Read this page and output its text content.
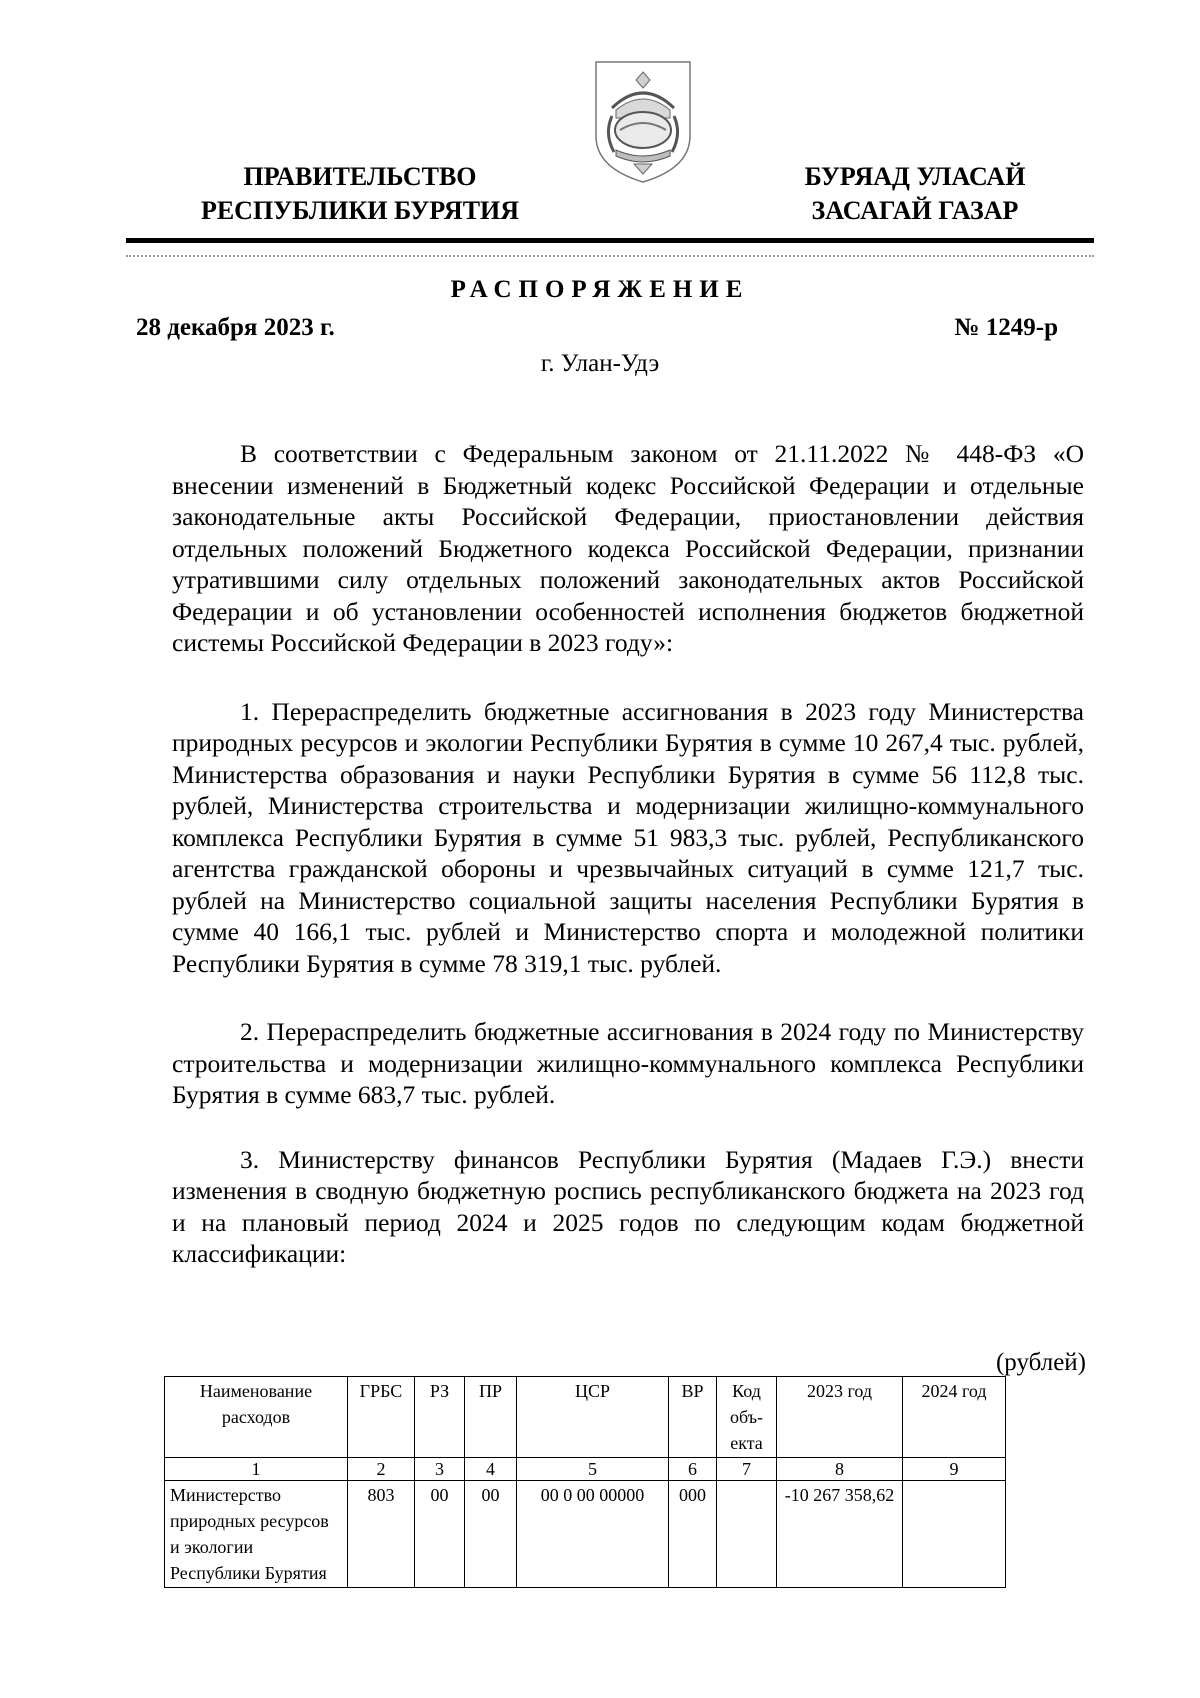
ПРАВИТЕЛЬСТВО
РЕСПУБЛИКИ БУРЯТИЯ
БУРЯАД УЛАСАЙ
ЗАСАГАЙ ГАЗАР
РАСПОРЯЖЕНИЕ
28 декабря 2023 г.	№ 1249-р
г. Улан-Удэ

В соответствии с Федеральным законом от 21.11.2022 № 448-ФЗ «О внесении изменений в Бюджетный кодекс Российской Федерации и отдельные законодательные акты Российской Федерации, приостановлении действия отдельных положений Бюджетного кодекса Российской Федерации, признании утратившими силу отдельных положений законодательных актов Российской Федерации и об установлении особенностей исполнения бюджетов бюджетной системы Российской Федерации в 2023 году»:

1. Перераспределить бюджетные ассигнования в 2023 году Министерства природных ресурсов и экологии Республики Бурятия в сумме 10 267,4 тыс. рублей, Министерства образования и науки Республики Бурятия в сумме 56 112,8 тыс. рублей, Министерства строительства и модернизации жилищно-коммунального комплекса Республики Бурятия в сумме 51 983,3 тыс. рублей, Республиканского агентства гражданской обороны и чрезвычайных ситуаций в сумме 121,7 тыс. рублей на Министерство социальной защиты населения Республики Бурятия в сумме 40 166,1 тыс. рублей и Министерство спорта и молодежной политики Республики Бурятия в сумме 78 319,1 тыс. рублей.

2. Перераспределить бюджетные ассигнования в 2024 году по Министерству строительства и модернизации жилищно-коммунального комплекса Республики Бурятия в сумме 683,7 тыс. рублей.

3. Министерству финансов Республики Бурятия (Мадаев Г.Э.) внести изменения в сводную бюджетную роспись республиканского бюджета на 2023 год и на плановый период 2024 и 2025 годов по следующим кодам бюджетной классификации:

(рублей)
Наименование расходов	ГРБС	РЗ	ПР	ЦСР	ВР	Код объ-екта	2023 год	2024 год
1	2	3	4	5	6	7	8	9
Министерство природных ресурсов и экологии Республики Бурятия	803	00	00	00 0 00 00000	000		-10 267 358,62	
